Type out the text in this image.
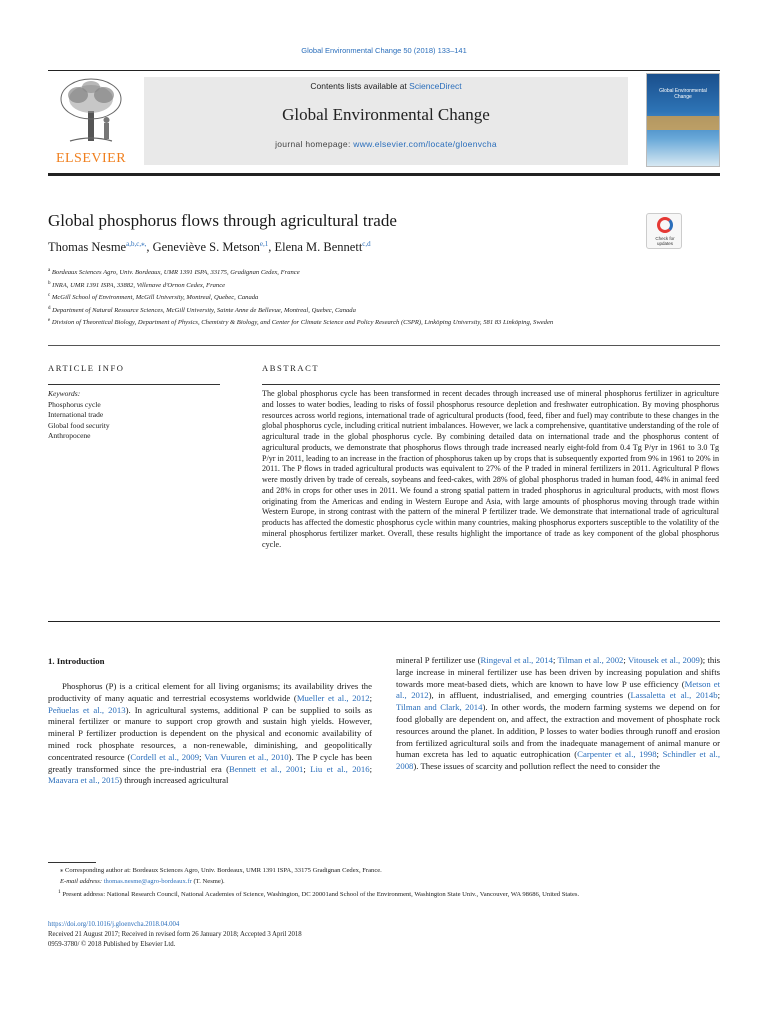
Global Environmental Change 50 (2018) 133–141
ELSEVIER
Contents lists available at ScienceDirect
Global Environmental Change
journal homepage: www.elsevier.com/locate/gloenvcha
Global Environmental Change
Global phosphorus flows through agricultural trade
Check for updates
Thomas Nesme$^{a,b,c,⁎,}$, Geneviève S. Metson$^{e,1}$, Elena M. Bennett$^{c,d}$
$^a$ Bordeaux Sciences Agro, Univ. Bordeaux, UMR 1391 ISPA, 33175, Gradignan Cedex, France
$^b$ INRA, UMR 1391 ISPA, 33882, Villenave d'Ornon Cedex, France
$^c$ McGill School of Environment, McGill University, Montreal, Quebec, Canada
$^d$ Department of Natural Resource Sciences, McGill University, Sainte Anne de Bellevue, Montreal, Quebec, Canada
$^e$ Division of Theoretical Biology, Department of Physics, Chemistry & Biology, and Center for Climate Science and Policy Research (CSPR), Linköping University, 581 83 Linköping, Sweden
ARTICLE INFO
Keywords:
Phosphorus cycle
International trade
Global food security
Anthropocene
ABSTRACT
The global phosphorus cycle has been transformed in recent decades through increased use of mineral phosphorus fertilizer in agriculture and losses to water bodies, leading to risks of fossil phosphorus resource depletion and freshwater eutrophication. By moving phosphorus resources across world regions, international trade of agricultural products (food, feed, fiber and fuel) may contribute to these changes in the global phosphorus cycle, including critical nutrient imbalances. However, we lack a comprehensive, quantitative understanding of the role of agricultural trade in the global phosphorus cycle. By combining detailed data on international trade and the phosphorus content of agricultural products, we demonstrate that phosphorus flows through trade increased nearly eight-fold from 0.4 Tg P/yr in 1961 to 3.0 Tg P/yr in 2011, leading to an increase in the fraction of phosphorus taken up by crops that is subsequently exported from 9% in 1961 to 20% in 2011. The P flows in traded agricultural products was equivalent to 27% of the P traded in mineral fertilizers in 2011. Agricultural P flows were mostly driven by trade of cereals, soybeans and feed-cakes, with 28% of global phosphorus traded in human food, 44% in animal feed and 28% in crops for other uses in 2011. We found a strong spatial pattern in traded phosphorus in agricultural products, with most flows originating from the Americas and ending in Western Europe and Asia, with large amounts of phosphorus moving through trade within Western Europe, in strong contrast with the pattern of the mineral P fertilizer trade. We demonstrate that international trade of agricultural products has affected the domestic phosphorus cycle within many countries, making phosphorus exporters susceptible to the volatility of the mineral phosphorus fertilizer market. Overall, these results highlight the importance of trade as key component of the global phosphorus cycle.
1. Introduction
Phosphorus (P) is a critical element for all living organisms; its availability drives the productivity of many aquatic and terrestrial ecosystems worldwide (Mueller et al., 2012; Peñuelas et al., 2013). In agricultural systems, additional P can be supplied to soils as mineral fertilizer or manure to support crop growth and sustain high yields. However, mineral P fertilizer production is dependent on the physical and economic availability of mined rock phosphate resources, a non-renewable, diminishing, and geopolitically concentrated resource (Cordell et al., 2009; Van Vuuren et al., 2010). The P cycle has been greatly transformed since the pre-industrial era (Bennett et al., 2001; Liu et al., 2016; Maavara et al., 2015) through increased agricultural
mineral P fertilizer use (Ringeval et al., 2014; Tilman et al., 2002; Vitousek et al., 2009); this large increase in mineral fertilizer use has been driven by increasing population and shifts towards more meat-based diets, which are known to have low P use efficiency (Metson et al., 2012), in affluent, industrialised, and emerging countries (Lassaletta et al., 2014b; Tilman and Clark, 2014). In other words, the modern farming systems we depend on for food globally are dependent on, and affect, the extraction and movement of phosphate rock resources around the planet. In addition, P losses to water bodies through runoff and erosion from fertilized agricultural soils and from the inadequate management of animal manure or human excreta has led to aquatic eutrophication (Carpenter et al., 1998; Schindler et al., 2008). These issues of scarcity and pollution reflect the need to consider the
⁎ Corresponding author at: Bordeaux Sciences Agro, Univ. Bordeaux, UMR 1391 ISPA, 33175 Gradignan Cedex, France.
E-mail address: thomas.nesme@agro-bordeaux.fr (T. Nesme).
$^1$ Present address: National Research Council, National Academies of Science, Washington, DC 20001and School of the Environment, Washington State Univ., Vancouver, WA 98686, United States.
https://doi.org/10.1016/j.gloenvcha.2018.04.004
Received 21 August 2017; Received in revised form 26 January 2018; Accepted 3 April 2018
0959-3780/ © 2018 Published by Elsevier Ltd.
